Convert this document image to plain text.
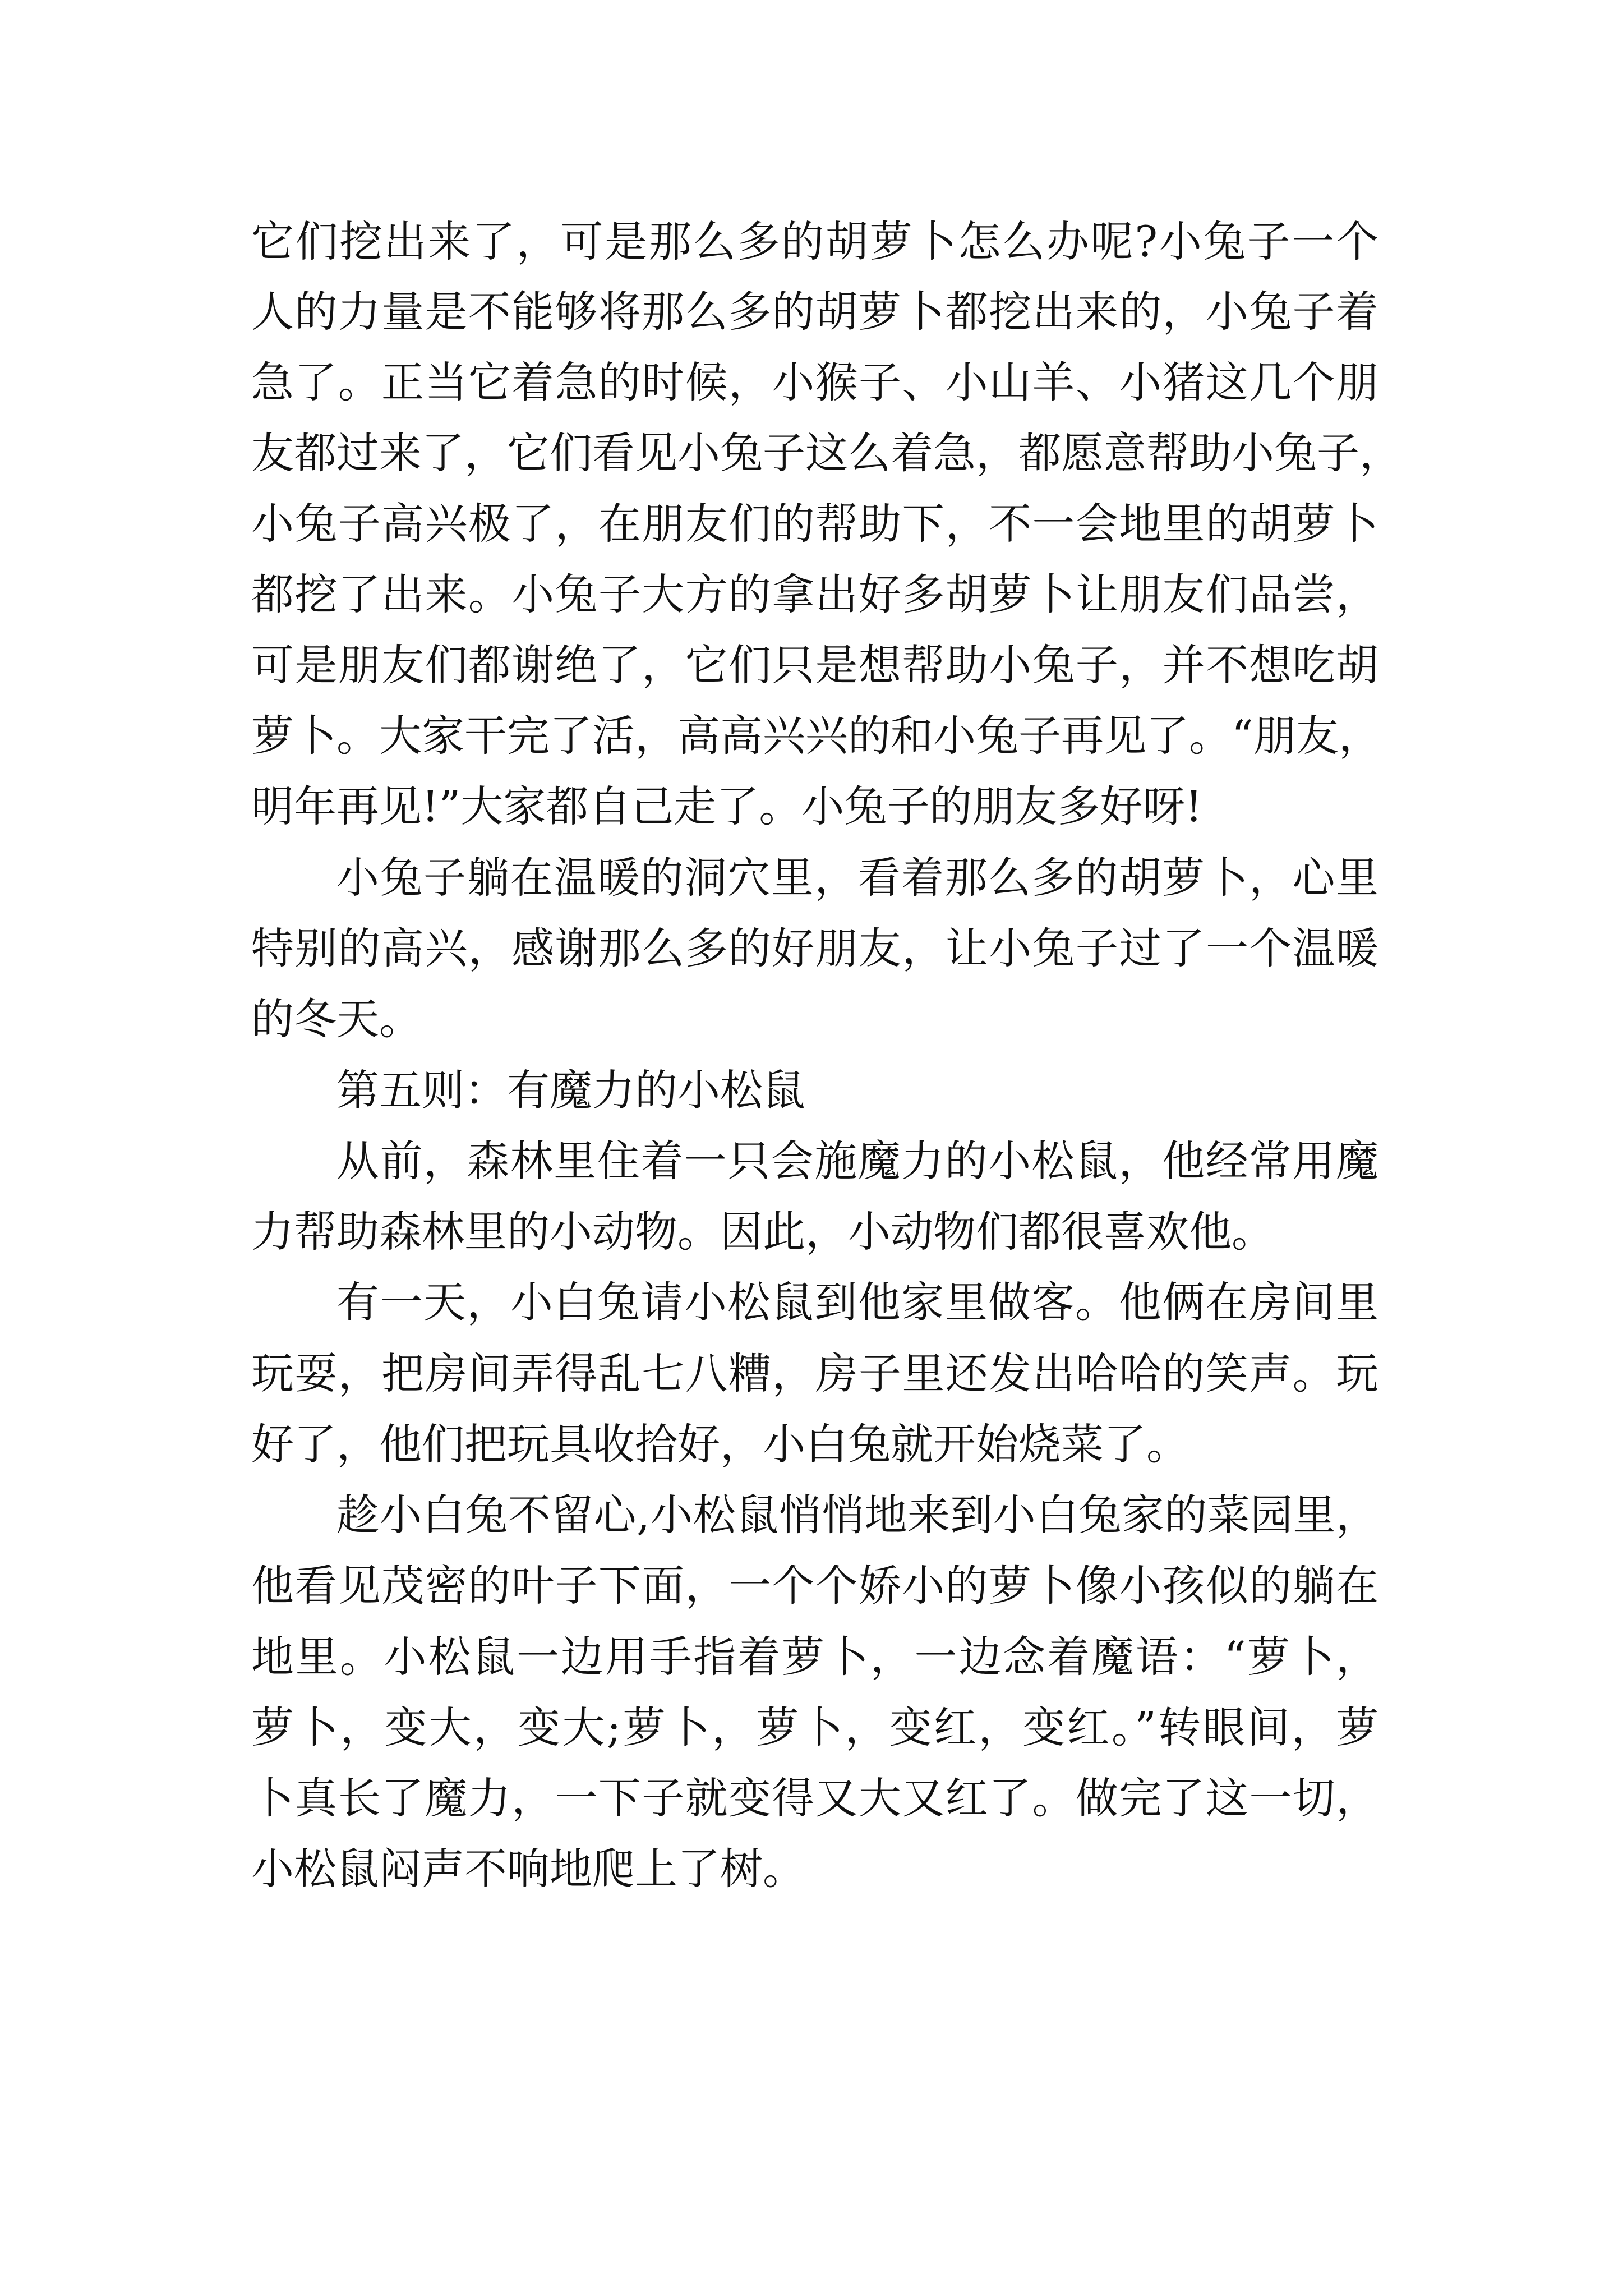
它们挖出来了，可是那么多的胡萝卜怎么办呢?小兔子一个
人的力量是不能够将那么多的胡萝卜都挖出来的，小兔子着
急了。正当它着急的时候，小猴子、小山羊、小猪这几个朋
友都过来了，它们看见小兔子这么着急，都愿意帮助小兔子，
小兔子高兴极了，在朋友们的帮助下，不一会地里的胡萝卜
都挖了出来。小兔子大方的拿出好多胡萝卜让朋友们品尝，
可是朋友们都谢绝了，它们只是想帮助小兔子，并不想吃胡
萝卜。大家干完了活，高高兴兴的和小兔子再见了。“朋友，
明年再见!”大家都自己走了。小兔子的朋友多好呀!
小兔子躺在温暖的洞穴里，看着那么多的胡萝卜，心里
特别的高兴，感谢那么多的好朋友，让小兔子过了一个温暖
的冬天。
第五则：有魔力的小松鼠
从前，森林里住着一只会施魔力的小松鼠，他经常用魔
力帮助森林里的小动物。因此，小动物们都很喜欢他。
有一天，小白兔请小松鼠到他家里做客。他俩在房间里
玩耍，把房间弄得乱七八糟，房子里还发出哈哈的笑声。玩
好了，他们把玩具收拾好，小白兔就开始烧菜了。
趁小白兔不留心,小松鼠悄悄地来到小白兔家的菜园里，
他看见茂密的叶子下面，一个个娇小的萝卜像小孩似的躺在
地里。小松鼠一边用手指着萝卜，一边念着魔语：“萝卜，
萝卜，变大，变大;萝卜，萝卜，变红，变红。”转眼间，萝
卜真长了魔力，一下子就变得又大又红了。做完了这一切，
小松鼠闷声不响地爬上了树。
